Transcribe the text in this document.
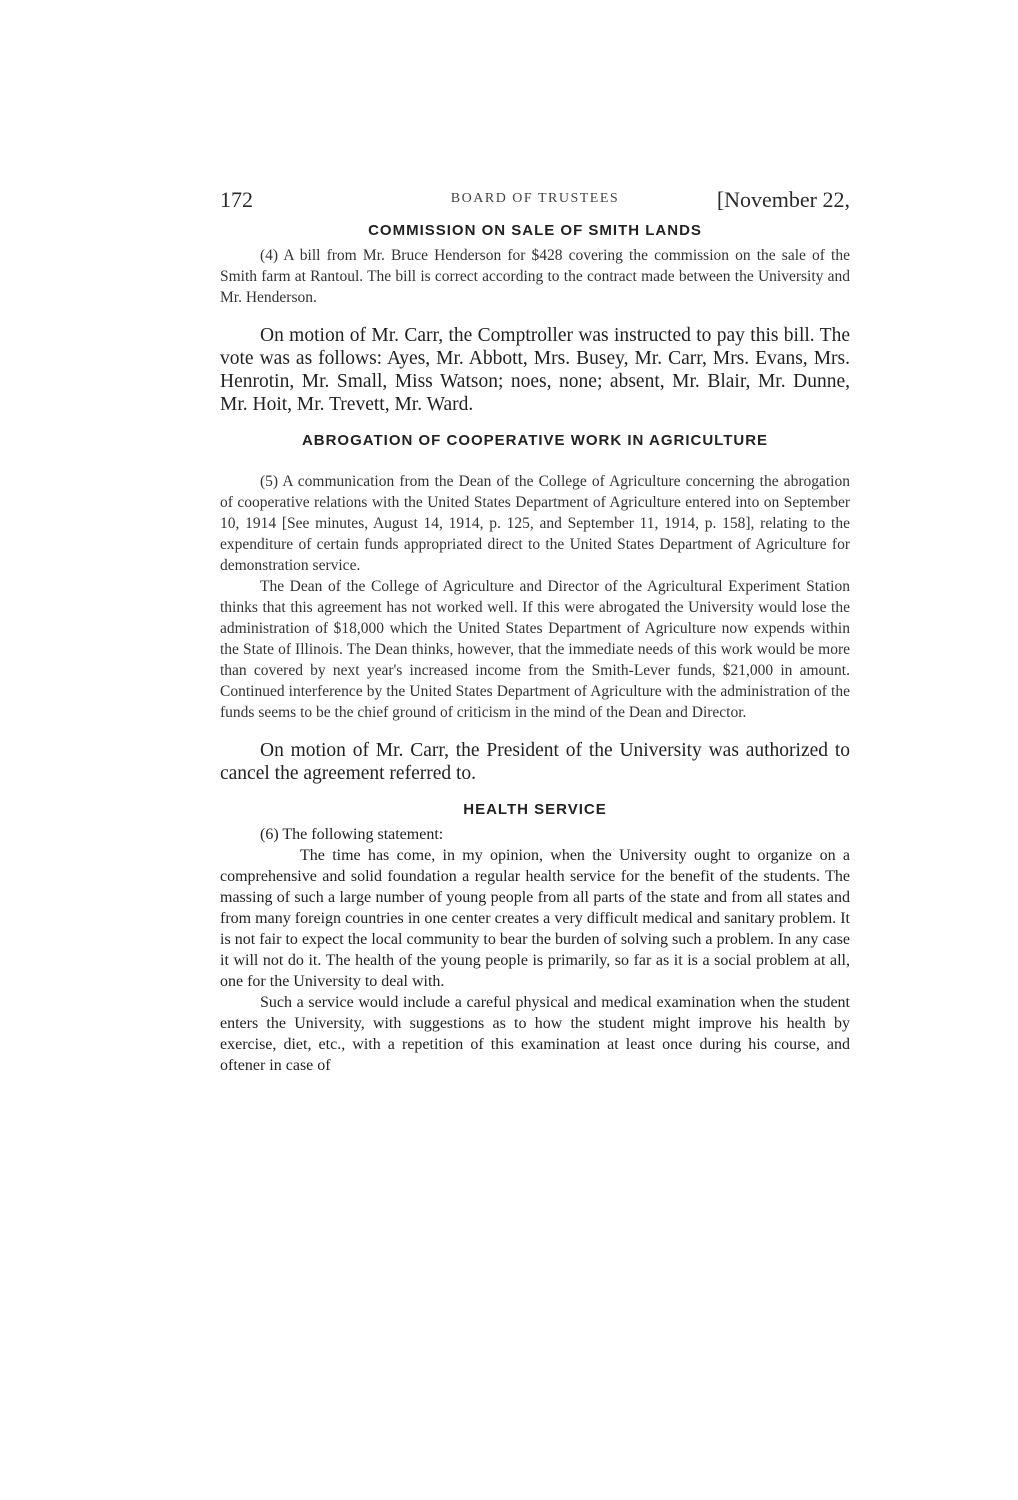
172	BOARD OF TRUSTEES	[November 22,
COMMISSION ON SALE OF SMITH LANDS

(4) A bill from Mr. Bruce Henderson for $428 covering the commission on the sale of the Smith farm at Rantoul. The bill is correct according to the contract made between the University and Mr. Henderson.

On motion of Mr. Carr, the Comptroller was instructed to pay this bill. The vote was as follows: Ayes, Mr. Abbott, Mrs. Busey, Mr. Carr, Mrs. Evans, Mrs. Henrotin, Mr. Small, Miss Watson; noes, none; absent, Mr. Blair, Mr. Dunne, Mr. Hoit, Mr. Trevett, Mr. Ward.

ABROGATION OF COOPERATIVE WORK IN AGRICULTURE

(5) A communication from the Dean of the College of Agriculture concerning the abrogation of cooperative relations with the United States Department of Agriculture entered into on September 10, 1914 [See minutes, August 14, 1914, p. 125, and September 11, 1914, p. 158], relating to the expenditure of certain funds appropriated direct to the United States Department of Agriculture for demonstration service.

The Dean of the College of Agriculture and Director of the Agricultural Experiment Station thinks that this agreement has not worked well. If this were abrogated the University would lose the administration of $18,000 which the United States Department of Agriculture now expends within the State of Illinois. The Dean thinks, however, that the immediate needs of this work would be more than covered by next year's increased income from the Smith-Lever funds, $21,000 in amount. Continued interference by the United States Department of Agriculture with the administration of the funds seems to be the chief ground of criticism in the mind of the Dean and Director.

On motion of Mr. Carr, the President of the University was authorized to cancel the agreement referred to.

HEALTH SERVICE

(6) The following statement:

The time has come, in my opinion, when the University ought to organize on a comprehensive and solid foundation a regular health service for the benefit of the students. The massing of such a large number of young people from all parts of the state and from all states and from many foreign countries in one center creates a very difficult medical and sanitary problem. It is not fair to expect the local community to bear the burden of solving such a problem. In any case it will not do it. The health of the young people is primarily, so far as it is a social problem at all, one for the University to deal with.

Such a service would include a careful physical and medical examination when the student enters the University, with suggestions as to how the student might improve his health by exercise, diet, etc., with a repetition of this examination at least once during his course, and oftener in case of
